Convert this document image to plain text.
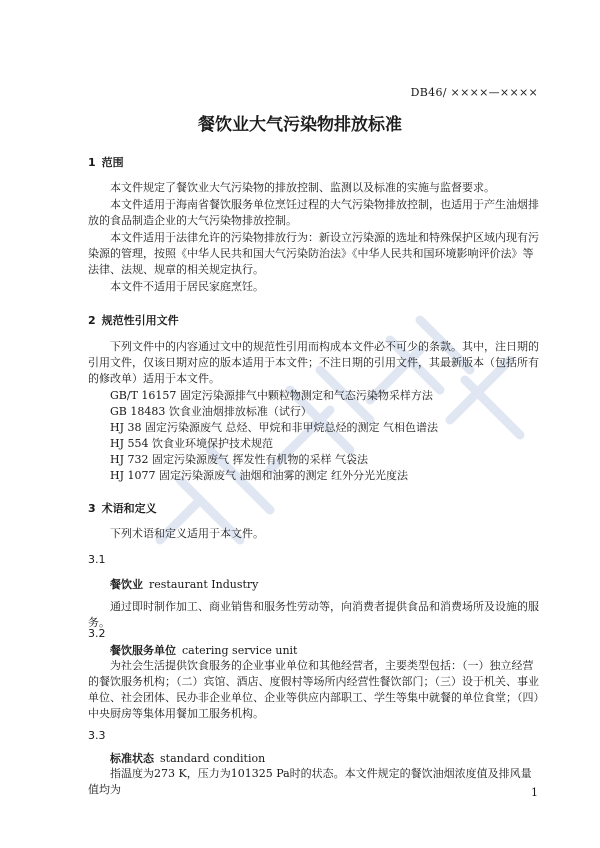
DB46/ ××××—××××
餐饮业大气污染物排放标准
1 范围
本文件规定了餐饮业大气污染物的排放控制、监测以及标准的实施与监督要求。
本文件适用于海南省餐饮服务单位烹饪过程的大气污染物排放控制，也适用于产生油烟排放的食品制造企业的大气污染物排放控制。
本文件适用于法律允许的污染物排放行为：新设立污染源的选址和特殊保护区域内现有污染源的管理，按照《中华人民共和国大气污染防治法》《中华人民共和国环境影响评价法》等法律、法规、规章的相关规定执行。
本文件不适用于居民家庭烹饪。
2 规范性引用文件
下列文件中的内容通过文中的规范性引用而构成本文件必不可少的条款。其中，注日期的引用文件，仅该日期对应的版本适用于本文件；不注日期的引用文件，其最新版本（包括所有的修改单）适用于本文件。
GB/T 16157 固定污染源排气中颗粒物测定和气态污染物采样方法
GB 18483 饮食业油烟排放标准（试行）
HJ 38 固定污染源废气 总烃、甲烷和非甲烷总烃的测定 气相色谱法
HJ 554 饮食业环境保护技术规范
HJ 732 固定污染源废气 挥发性有机物的采样 气袋法
HJ 1077 固定污染源废气 油烟和油雾的测定 红外分光光度法
3 术语和定义
下列术语和定义适用于本文件。
3.1
餐饮业 restaurant Industry
通过即时制作加工、商业销售和服务性劳动等，向消费者提供食品和消费场所及设施的服务。
3.2
餐饮服务单位 catering service unit
为社会生活提供饮食服务的企业事业单位和其他经营者，主要类型包括：（一）独立经营的餐饮服务机构；（二）宾馆、酒店、度假村等场所内经营性餐饮部门；（三）设于机关、事业单位、社会团体、民办非企业单位、企业等供应内部职工、学生等集中就餐的单位食堂；（四）中央厨房等集体用餐加工服务机构。
3.3
标准状态 standard condition
指温度为273 K，压力为101325 Pa时的状态。本文件规定的餐饮油烟浓度值及排风量值均为	1
